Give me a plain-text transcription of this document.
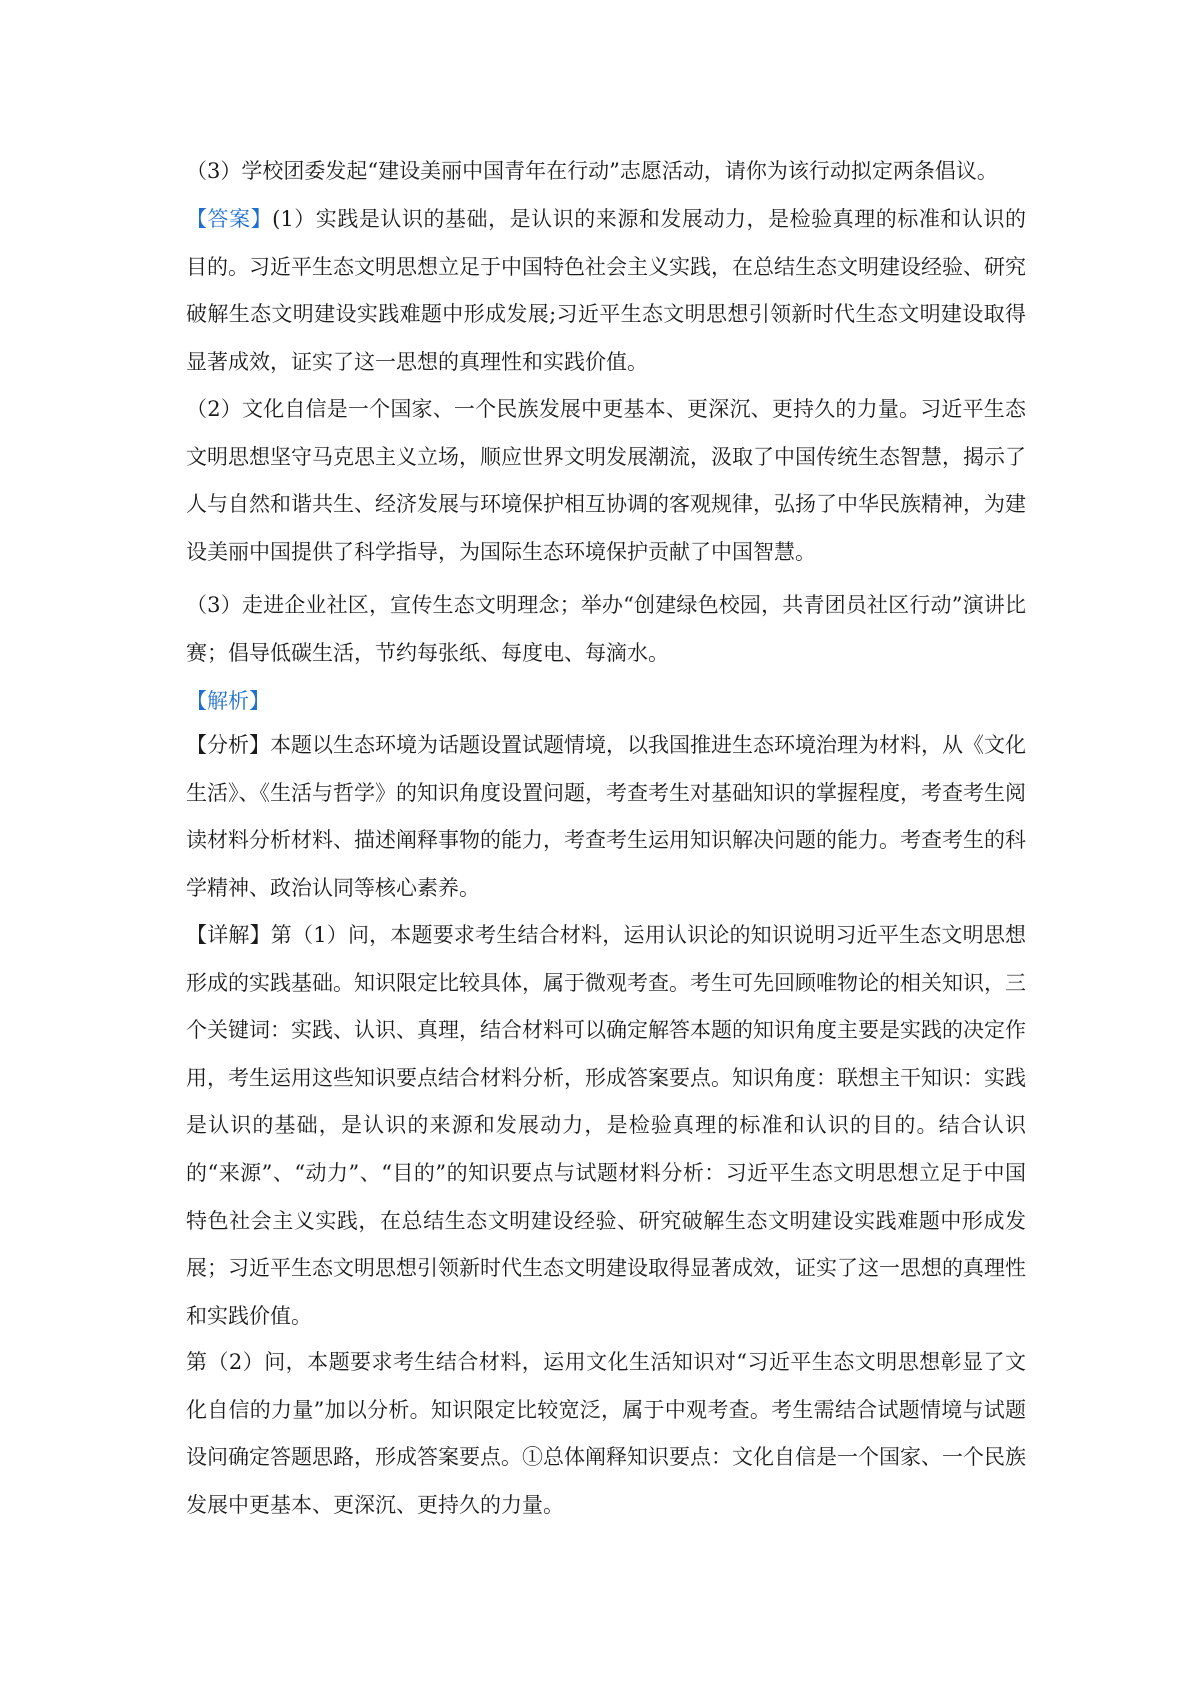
（3）学校团委发起“建设美丽中国青年在行动”志愿活动，请你为该行动拟定两条倡议。
【答案】(1）实践是认识的基础，是认识的来源和发展动力，是检验真理的标准和认识的目的。习近平生态文明思想立足于中国特色社会主义实践，在总结生态文明建设经验、研究破解生态文明建设实践难题中形成发展;习近平生态文明思想引领新时代生态文明建设取得显著成效，证实了这一思想的真理性和实践价值。
（2）文化自信是一个国家、一个民族发展中更基本、更深沉、更持久的力量。习近平生态文明思想坚守马克思主义立场，顺应世界文明发展潮流，汲取了中国传统生态智慧，揭示了人与自然和谐共生、经济发展与环境保护相互协调的客观规律，弘扬了中华民族精神，为建设美丽中国提供了科学指导，为国际生态环境保护贡献了中国智慧。
（3）走进企业社区，宣传生态文明理念；举办“创建绿色校园，共青团员社区行动”演讲比赛；倡导低碳生活，节约每张纸、每度电、每滴水。
【解析】
【分析】本题以生态环境为话题设置试题情境，以我国推进生态环境治理为材料，从《文化生活》、《生活与哲学》的知识角度设置问题，考查考生对基础知识的掌握程度，考查考生阅读材料分析材料、描述阐释事物的能力，考查考生运用知识解决问题的能力。考查考生的科学精神、政治认同等核心素养。
【详解】第（1）问，本题要求考生结合材料，运用认识论的知识说明习近平生态文明思想形成的实践基础。知识限定比较具体，属于微观考查。考生可先回顾唯物论的相关知识，三个关键词：实践、认识、真理，结合材料可以确定解答本题的知识角度主要是实践的决定作用，考生运用这些知识要点结合材料分析，形成答案要点。知识角度：联想主干知识：实践是认识的基础，是认识的来源和发展动力，是检验真理的标准和认识的目的。结合认识的“来源”、“动力”、“目的”的知识要点与试题材料分析：习近平生态文明思想立足于中国特色社会主义实践，在总结生态文明建设经验、研究破解生态文明建设实践难题中形成发展；习近平生态文明思想引领新时代生态文明建设取得显著成效，证实了这一思想的真理性和实践价值。
第（2）问，本题要求考生结合材料，运用文化生活知识对“习近平生态文明思想彰显了文化自信的力量”加以分析。知识限定比较宽泛，属于中观考查。考生需结合试题情境与试题设问确定答题思路，形成答案要点。①总体阐释知识要点：文化自信是一个国家、一个民族发展中更基本、更深沉、更持久的力量。
